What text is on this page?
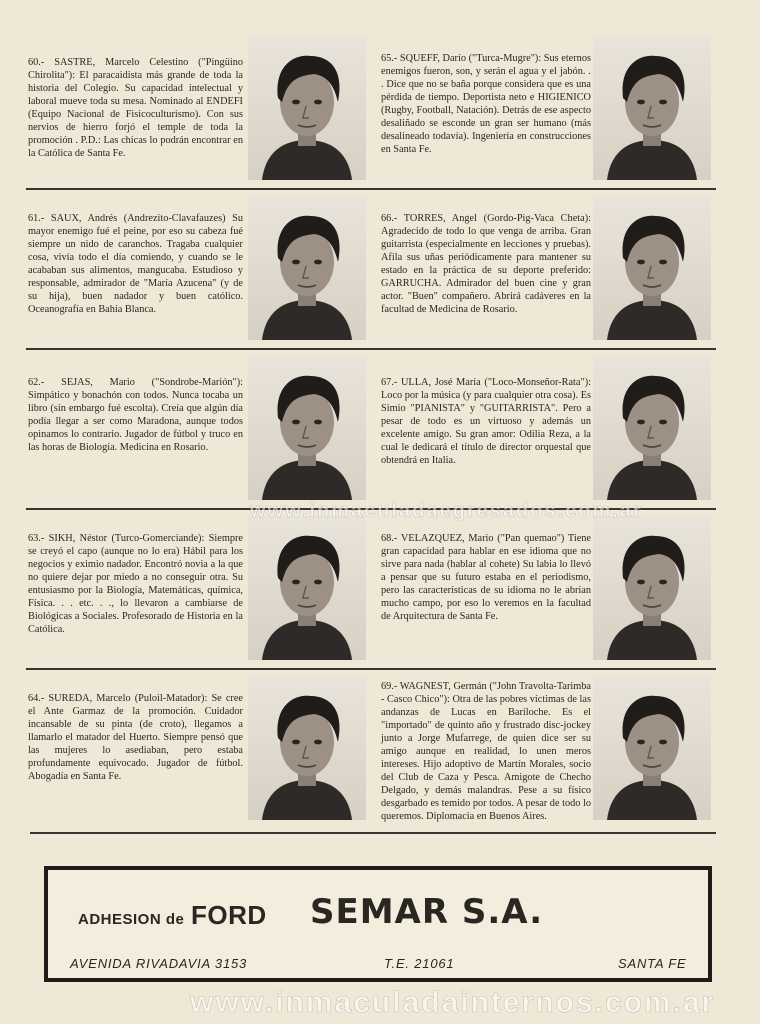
60.- SASTRE, Marcelo Celestino ("Pingüino Chirolita"): El paracaidista más grande de toda la historia del Colegio. Su capacidad intelectual y laboral mueve toda su mesa. Nominado al ENDEFI (Equipo Nacional de Fisicoculturismo). Con sus nervios de hierro forjó el temple de toda la promoción . P.D.: Las chicas lo podrán encontrar en la Católica de Santa Fe.
65.- SQUEFF, Darío ("Turca-Mugre"): Sus eternos enemigos fueron, son, y serán el agua y el jabón. . . Dice que no se baña porque considera que es una pérdida de tiempo. Deportista neto e HIGIENICO (Rugby, Football, Natación). Detrás de ese aspecto desaliñado se esconde un gran ser humano (más desalineado todavía). Ingeniería en construcciones en Santa Fe.
61.- SAUX, Andrés (Andrezito-Clavafauzes) Su mayor enemigo fué el peine, por eso su cabeza fué siempre un nido de caranchos. Tragaba cualquier cosa, vivía todo el día comiendo, y cuando se le acababan sus alimentos, mangucaba. Estudioso y responsable, admirador de "María Azucena" (y de su hija), buen nadador y buen católico. Oceanografía en Bahía Blanca.
66.- TORRES, Angel (Gordo-Pig-Vaca Cheta): Agradecido de todo lo que venga de arriba. Gran guitarrista (especialmente en lecciones y pruebas). Afila sus uñas periódicamente para mantener su estado en la práctica de su deporte preferido: GARRUCHA. Admirador del buen cine y gran actor. "Buen" compañero. Abrirá cadáveres en la facultad de Medicina de Rosario.
62.- SEJAS, Mario ("Sondrobe-Marión"): Simpático y bonachón con todos. Nunca tocaba un libro (sin embargo fué escolta). Creía que algún día podía llegar a ser como Maradona, aunque todos opinamos lo contrario. Jugador de fútbol y truco en las horas de Biología. Medicina en Rosario.
67.- ULLA, José María ("Loco-Monseñor-Rata"): Loco por la música (y para cualquier otra cosa). Es Simio "PIANISTA" y "GUITARRISTA". Pero a pesar de todo es un virtuoso y además un excelente amigo. Su gran amor: Odilia Reza, a la cual le dedicará el título de director orquestal que obtendrá en Italia.
63.- SIKH, Néstor (Turco-Gomerciande): Siempre se creyó el capo (aunque no lo era) Hábil para los negocios y eximio nadador. Encontró novia a la que no quiere dejar por miedo a no conseguir otra. Su entusiasmo por la Biología, Matemáticas, química, Física. . . etc. . ., lo llevaron a cambiarse de Biológicas a Sociales. Profesorado de Historia en la Católica.
68.- VELAZQUEZ, Mario ("Pan quemao") Tiene gran capacidad para hablar en ese idioma que no sirve para nada (hablar al cohete) Su labia lo llevó a pensar que su futuro estaba en el periodismo, pero las características de su idioma no le abrían mucho campo, por eso lo veremos en la facultad de Arquitectura de Santa Fe.
64.- SUREDA, Marcelo (Puloil-Matador): Se cree el Ante Garmaz de la promoción. Cuidador incansable de su pinta (de croto), llegamos a llamarlo el matador del Huerto. Siempre pensó que las mujeres lo asediaban, pero estaba profundamente equivocado. Jugador de fútbol. Abogadía en Santa Fe.
69.- WAGNEST, Germán ("John Travolta-Tarimba - Casco Chico"): Otra de las pobres víctimas de las andanzas de Lucas en Bariloche. Es el "importado" de quinto año y frustrado disc-jockey junto a Jorge Mufarrege, de quien dice ser su amigo aunque en realidad, lo unen meros intereses. Hijo adoptivo de Martín Morales, socio del Club de Caza y Pesca. Amigote de Checho Delgado, y demás malandras. Pese a su físico desgarbado es temido por todos. A pesar de todo lo queremos. Diplomacia en Buenos Aires.
ADHESION de FORD SEMAR S.A.
AVENIDA RIVADAVIA 3153	T.E. 21061	SANTA FE
www.inmaculadaegresados.com.ar
www.inmaculadainternos.com.ar
